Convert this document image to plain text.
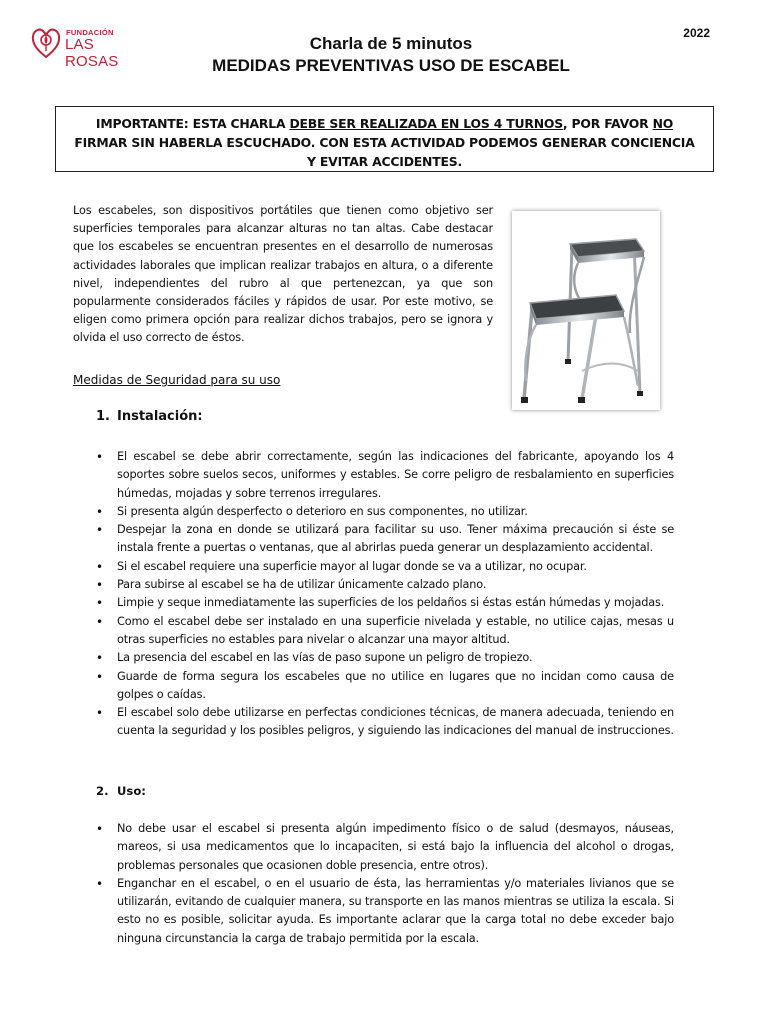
FUNDACIÓN
LAS ROSAS
2022
Charla de 5 minutos
MEDIDAS PREVENTIVAS USO DE ESCABEL
IMPORTANTE: ESTA CHARLA DEBE SER REALIZADA EN LOS 4 TURNOS, POR FAVOR NO FIRMAR SIN HABERLA ESCUCHADO. CON ESTA ACTIVIDAD PODEMOS GENERAR CONCIENCIA Y EVITAR ACCIDENTES.
Los escabeles, son dispositivos portátiles que tienen como objetivo ser superficies temporales para alcanzar alturas no tan altas. Cabe destacar que los escabeles se encuentran presentes en el desarrollo de numerosas actividades laborales que implican realizar trabajos en altura, o a diferente nivel, independientes del rubro al que pertenezcan, ya que son popularmente considerados fáciles y rápidos de usar. Por este motivo, se eligen como primera opción para realizar dichos trabajos, pero se ignora y olvida el uso correcto de éstos.
Medidas de Seguridad para su uso
1. Instalación:
• El escabel se debe abrir correctamente, según las indicaciones del fabricante, apoyando los 4 soportes sobre suelos secos, uniformes y estables. Se corre peligro de resbalamiento en superficies húmedas, mojadas y sobre terrenos irregulares.
• Si presenta algún desperfecto o deterioro en sus componentes, no utilizar.
• Despejar la zona en donde se utilizará para facilitar su uso. Tener máxima precaución si éste se instala frente a puertas o ventanas, que al abrirlas pueda generar un desplazamiento accidental.
• Si el escabel requiere una superficie mayor al lugar donde se va a utilizar, no ocupar.
• Para subirse al escabel se ha de utilizar únicamente calzado plano.
• Limpie y seque inmediatamente las superficies de los peldaños si éstas están húmedas y mojadas.
• Como el escabel debe ser instalado en una superficie nivelada y estable, no utilice cajas, mesas u otras superficies no estables para nivelar o alcanzar una mayor altitud.
• La presencia del escabel en las vías de paso supone un peligro de tropiezo.
• Guarde de forma segura los escabeles que no utilice en lugares que no incidan como causa de golpes o caídas.
• El escabel solo debe utilizarse en perfectas condiciones técnicas, de manera adecuada, teniendo en cuenta la seguridad y los posibles peligros, y siguiendo las indicaciones del manual de instrucciones.
2. Uso:
• No debe usar el escabel si presenta algún impedimento físico o de salud (desmayos, náuseas, mareos, si usa medicamentos que lo incapaciten, si está bajo la influencia del alcohol o drogas, problemas personales que ocasionen doble presencia, entre otros).
• Enganchar en el escabel, o en el usuario de ésta, las herramientas y/o materiales livianos que se utilizarán, evitando de cualquier manera, su transporte en las manos mientras se utiliza la escala. Si esto no es posible, solicitar ayuda. Es importante aclarar que la carga total no debe exceder bajo ninguna circunstancia la carga de trabajo permitida por la escala.
